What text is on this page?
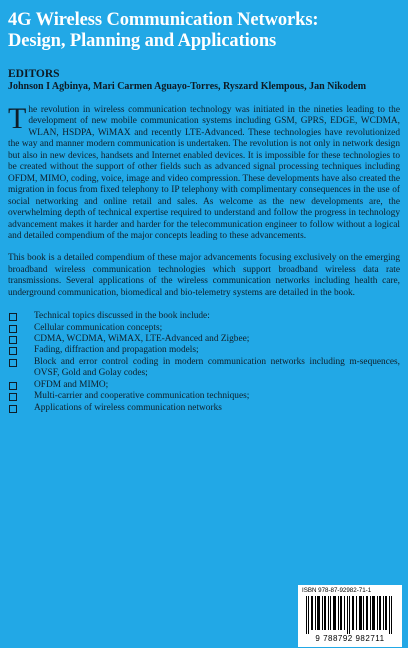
4G Wireless Communication Networks:
Design, Planning and Applications
EDITORS
Johnson I Agbinya, Mari Carmen Aguayo-Torres, Ryszard Klempous, Jan Nikodem

The revolution in wireless communication technology was initiated in the nineties leading to the development of new mobile communication systems including GSM, GPRS, EDGE, WCDMA, WLAN, HSDPA, WiMAX and recently LTE-Advanced. These technologies have revolutionized the way and manner modern communication is undertaken. The revolution is not only in network design but also in new devices, handsets and Internet enabled devices. It is impossible for these technologies to be created without the support of other fields such as advanced signal processing techniques including OFDM, MIMO, coding, voice, image and video compression. These developments have also created the migration in focus from fixed telephony to IP telephony with complimentary consequences in the use of social networking and online retail and sales. As welcome as the new developments are, the overwhelming depth of technical expertise required to understand and follow the progress in technology advancement makes it harder and harder for the telecommunication engineer to follow without a logical and detailed compendium of the major concepts leading to these advancements.

This book is a detailed compendium of these major advancements focusing exclusively on the emerging broadband wireless communication technologies which support broadband wireless data rate transmissions. Several applications of the wireless communication networks including health care, underground communication, biomedical and bio-telemetry systems are detailed in the book.

Technical topics discussed in the book include:
Cellular communication concepts;
CDMA, WCDMA, WiMAX, LTE-Advanced and Zigbee;
Fading, diffraction and propagation models;
Block and error control coding in modern communication networks including m-sequences, OVSF, Gold and Golay codes;
OFDM and MIMO;
Multi-carrier and cooperative communication techniques;
Applications of wireless communication networks
ISBN 978-87-92982-71-1
9 788792 982711
